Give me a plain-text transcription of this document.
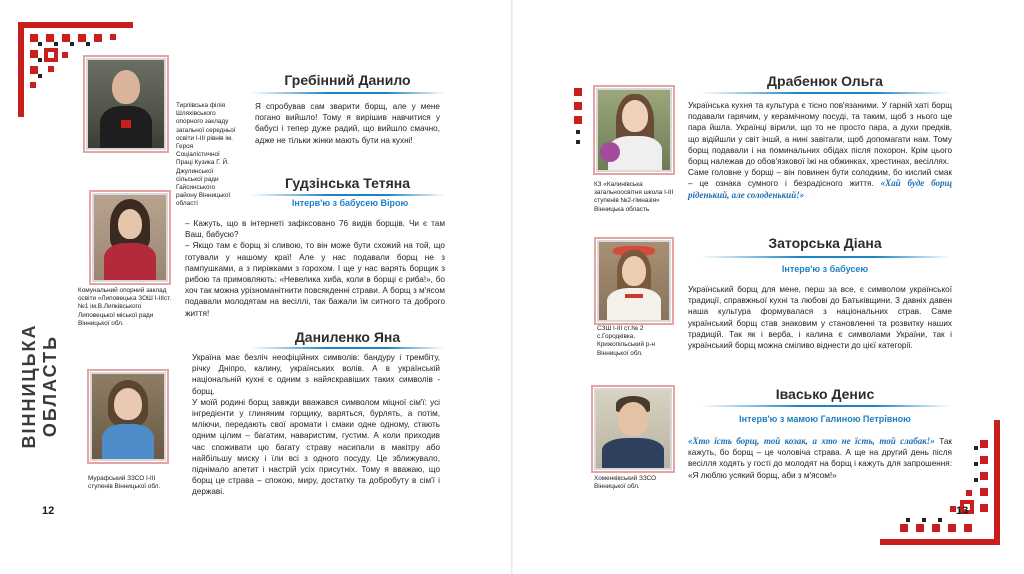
ВІННИЦЬКА ОБЛАСТЬ
12
Тирлівська філія Шляхівського опорного закладу загальної середньої освіти І-ІІІ рівнів ім. Героя Соціалістичної Праці Кузика Г. Й. Джулинської сільської ради Гайсинського району Вінницької області
Гребінний Данило
Я спробував сам зварити борщ, але у мене погано вийшло! Тому я вирішив навчитися у бабусі і тепер дуже радий, що вийшло смачно, адже не тільки жінки мають бути на кухні!
Гудзінська Тетяна
Інтерв'ю з бабусею Вірою
Комунальний опорний заклад освіти «Липовецька ЗОШ І-ІІІст.№1 ім.В.Липківського Липовецької міської ради Вінницької обл.

– Кажуть, що в інтернеті зафіксовано 76 видів борщів. Чи є там Ваш, бабусю?

– Якщо там є борщ зі сливою, то він може бути схожий на той, що готували у нашому краї! Але у нас подавали борщ не з пампушками, а з пиріжками з горохом. І ще у нас варять борщик з рибою та примовляють: «Невелика хиба, коли в борщі є риба!», бо хоч так можна урізноманітнити повсякденні страви. А борщ з м'ясом подавали молодятам на весіллі, так бажали їм ситного та доброго життя!

Даниленко Яна
Мурафський ЗЗСО І-ІІІ ступенів Вінницької обл.

Україна має безліч неофіційних символів: бандуру і трембіту, річку Дніпро, калину, українських волів. А в українській національній кухні є одним з найяскравіших таких символів - борщ.

У моїй родині борщ завжди вважався символом міцної сім'ї: усі інгредієнти у глиняним горщику, варяться, бурлять, а потім, мліючи, передають свої аромати і смаки одне одному, стають одним цілим – багатим, наваристим, густим. А коли приходив час споживати цю багату страву насипали в макітру або найбільшу миску і їли всі з одного посуду. Це зближувало, піднімало апетит і настрій усіх присутніх. Тому я вважаю, що борщ це страва – спокою, миру, достатку та добробуту в сім'ї і державі.

13
Драбенюк Ольга
КЗ «Калинівська загальноосвітня школа І-ІІІ ступенів №2-гімназія» Вінницька область

Українська кухня та культура є тісно пов'язаними. У гарній хаті борщ подавали гарячим, у керамічному посуді, та таким, щоб з нього ще пара йшла. Українці вірили, що то не просто пара, а духи предків, що відійшли у світ іншй, а нині завітали, щоб допомагати нам. Тому борщ подавали і на поминальних обідах після похорон. Крім цього борщ належав до обов'язкової їжі на обжинках, хрестинах, весіллях.

Саме головне у борщі – він повинен бути солодким, бо кислий смак – це ознака сумного і безрадісного життя. «Хай буде борщ ріденький, але солоденький!»

СЗШ І-ІІІ ст.№ 2 с.Городківка, Крижопільський р-н Вінницької обл.
Заторська Діана
Інтерв'ю з бабусею
Український борщ для мене, перш за все, є символом української традиції, справжньої кухні та любові до Батьківщини. З давніх давен наша культура формувалася з національних страв. Саме український борщ став знаковим у становленні та розвитку наших традицій. Так як і верба, і калина є символами України, так і український борщ можна сміливо віднести до цієї категорії.
Івасько Денис
Інтерв'ю з мамою Галиною Петрівною
Хоменківський ЗЗСО Вінницької обл.

«Хто їсть борщ, той козак, а хто не їсть, той слабак!» Так кажуть, бо борщ – це чоловіча страва. А ще на другий день після весілля ходять у гості до молодят на борщ і кажуть для запрошення: «Я люблю усякий борщ, аби з м'ясом!»
